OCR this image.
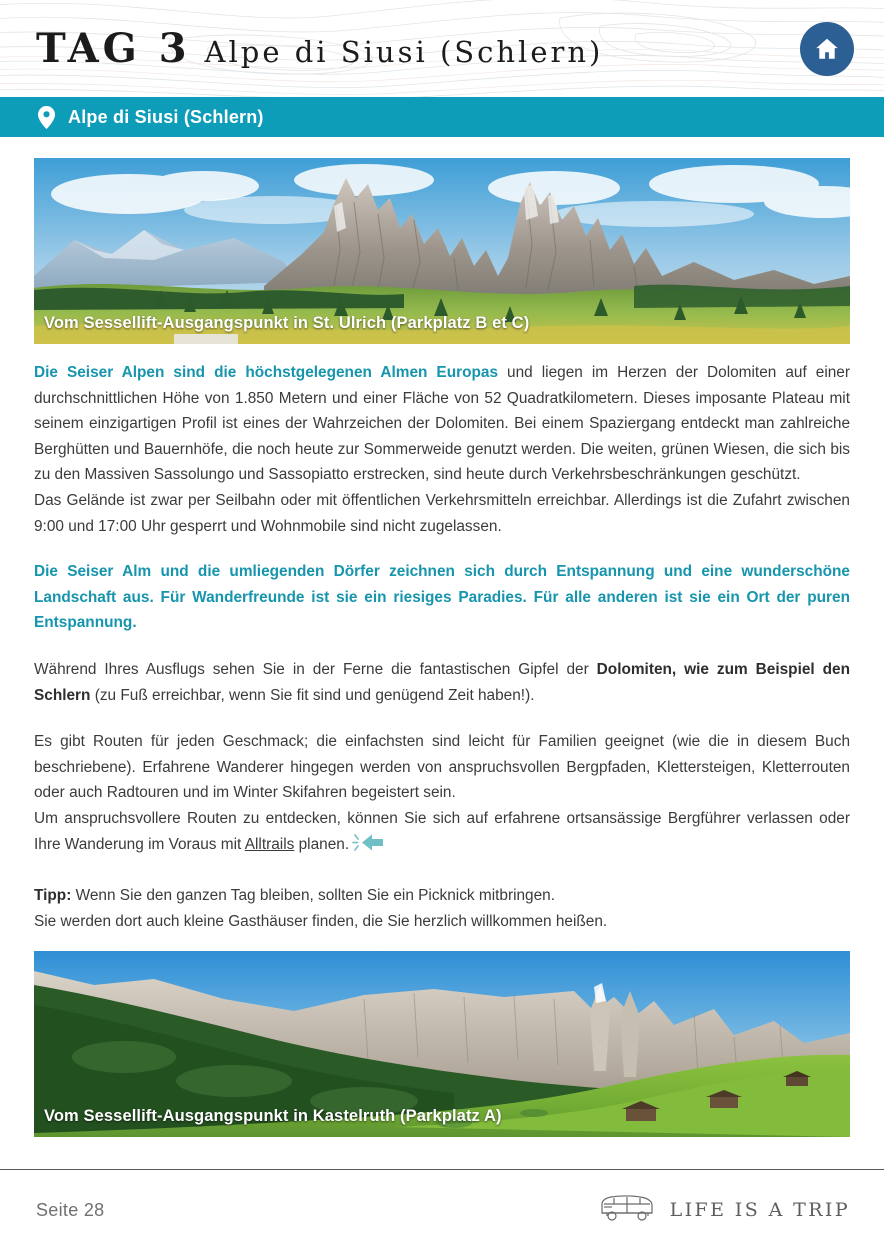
TAG 3 Alpe di Siusi (Schlern)
Alpe di Siusi (Schlern)
Vom Sessellift-Ausgangspunkt in St. Ulrich (Parkplatz B et C)

Die Seiser Alpen sind die höchstgelegenen Almen Europas und liegen im Herzen der Dolomiten auf einer durchschnittlichen Höhe von 1.850 Metern und einer Fläche von 52 Quadratkilometern. Dieses imposante Plateau mit seinem einzigartigen Profil ist eines der Wahrzeichen der Dolomiten. Bei einem Spaziergang entdeckt man zahlreiche Berghütten und Bauernhöfe, die noch heute zur Sommerweide genutzt werden. Die weiten, grünen Wiesen, die sich bis zu den Massiven Sassolungo und Sassopiatto erstrecken, sind heute durch Verkehrsbeschränkungen geschützt.

Das Gelände ist zwar per Seilbahn oder mit öffentlichen Verkehrsmitteln erreichbar. Allerdings ist die Zufahrt zwischen 9:00 und 17:00 Uhr gesperrt und Wohnmobile sind nicht zugelassen.

Die Seiser Alm und die umliegenden Dörfer zeichnen sich durch Entspannung und eine wunderschöne Landschaft aus. Für Wanderfreunde ist sie ein riesiges Paradies. Für alle anderen ist sie ein Ort der puren Entspannung.

Während Ihres Ausflugs sehen Sie in der Ferne die fantastischen Gipfel der Dolomiten, wie zum Beispiel den Schlern (zu Fuß erreichbar, wenn Sie fit sind und genügend Zeit haben!).

Es gibt Routen für jeden Geschmack; die einfachsten sind leicht für Familien geeignet (wie die in diesem Buch beschriebene). Erfahrene Wanderer hingegen werden von anspruchsvollen Bergpfaden, Klettersteigen, Kletterrouten oder auch Radtouren und im Winter Skifahren begeistert sein.

Um anspruchsvollere Routen zu entdecken, können Sie sich auf erfahrene ortsansässige Bergführer verlassen oder Ihre Wanderung im Voraus mit Alltrails planen.

Tipp: Wenn Sie den ganzen Tag bleiben, sollten Sie ein Picknick mitbringen.

Sie werden dort auch kleine Gasthäuser finden, die Sie herzlich willkommen heißen.

Vom Sessellift-Ausgangspunkt in Kastelruth (Parkplatz A)
Seite 28	LIFE IS A TRIP
